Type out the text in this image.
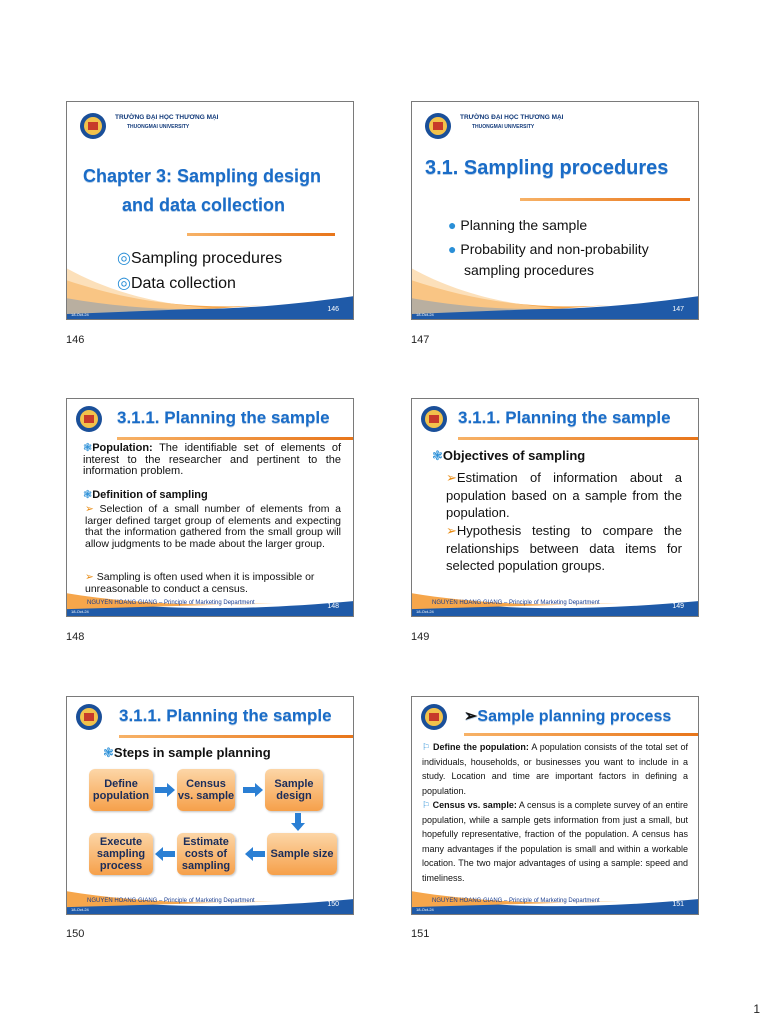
TRƯỜNG ĐẠI HỌC THƯƠNG MẠI
THUONGMAI UNIVERSITY
Chapter 3: Sampling design
and data collection
◎Sampling procedures
◎Data collection
146
18-Oct-24
146
TRƯỜNG ĐẠI HỌC THƯƠNG MẠI
THUONGMAI UNIVERSITY
3.1. Sampling procedures
● Planning the sample
● Probability and non-probability
sampling procedures
147
18-Oct-24
147
3.1.1. Planning the sample
❃Population: The identifiable set of elements of interest to the researcher and pertinent to the information problem.
❃Definition of sampling
➢ Selection of a small number of elements from a larger defined target group of elements and expecting that the information gathered from the small group will allow judgments to be made about the larger group.
➢ Sampling is often used when it is impossible or unreasonable to conduct a census.
NGUYEN HOANG GIANG – Principle of Marketing Department	148
18-Oct-24
148
3.1.1. Planning the sample
❃Objectives of sampling
➢Estimation of information about a population based on a sample from the population.
➢Hypothesis testing to compare the relationships between data items for selected population groups.
NGUYEN HOANG GIANG – Principle of Marketing Department	149
18-Oct-24
149
3.1.1. Planning the sample
❃Steps in sample planning
Define population
Census vs. sample
Sample design
Sample size
Estimate costs of sampling
Execute sampling process
NGUYEN HOANG GIANG – Principle of Marketing Department	150
18-Oct-24
150
➢Sample planning process
⚐ Define the population: A population consists of the total set of individuals, households, or businesses you want to include in a study. Location and time are important factors in defining a population.
⚐ Census vs. sample: A census is a complete survey of an entire population, while a sample gets information from just a small, but hopefully representative, fraction of the population. A census has many advantages if the population is small and within a workable location. The two major advantages of using a sample: speed and timeliness.
NGUYEN HOANG GIANG – Principle of Marketing Department	151
18-Oct-24
151
1
